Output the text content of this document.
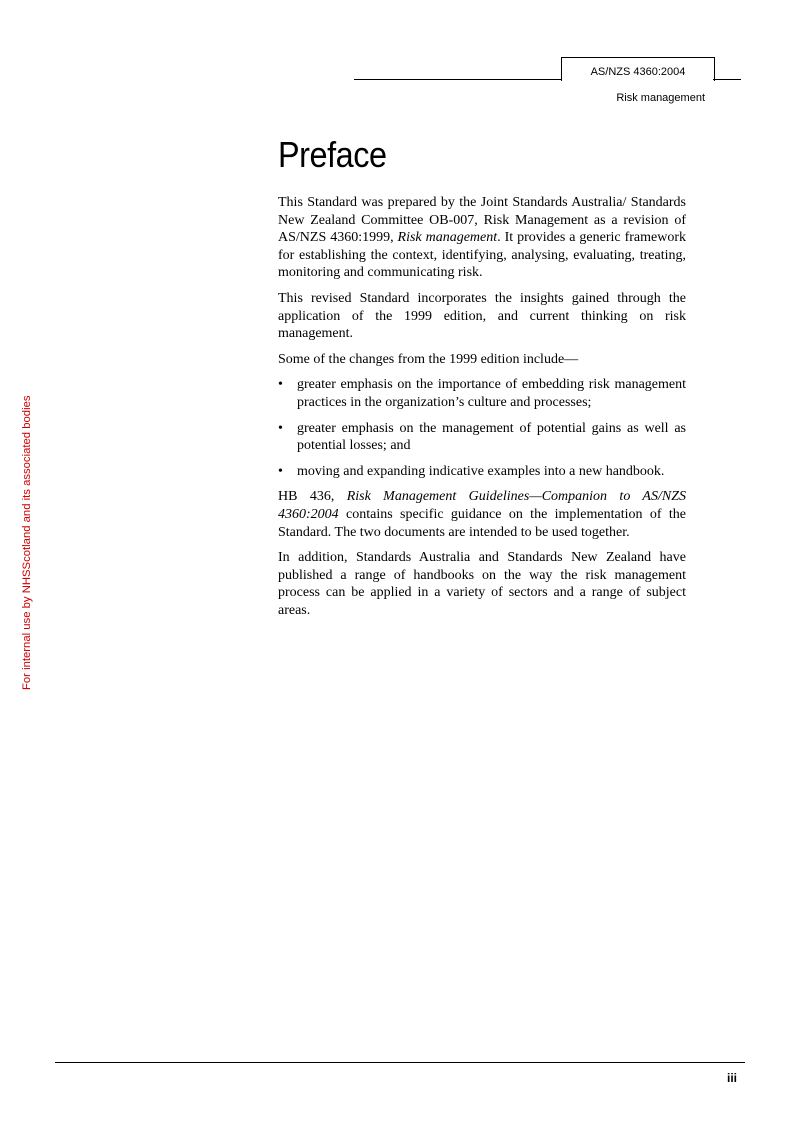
AS/NZS 4360:2004
Risk management
For internal use by NHSScotland and its associated bodies
Preface

This Standard was prepared by the Joint Standards Australia/ Standards New Zealand Committee OB-007, Risk Management as a revision of AS/NZS 4360:1999, Risk management. It provides a generic framework for establishing the context, identifying, analysing, evaluating, treating, monitoring and communicating risk.

This revised Standard incorporates the insights gained through the application of the 1999 edition, and current thinking on risk management.

Some of the changes from the 1999 edition include—

• greater emphasis on the importance of embedding risk management practices in the organization’s culture and processes;
• greater emphasis on the management of potential gains as well as potential losses; and
• moving and expanding indicative examples into a new handbook.

HB 436, Risk Management Guidelines—Companion to AS/NZS 4360:2004 contains specific guidance on the implementation of the Standard. The two documents are intended to be used together.

In addition, Standards Australia and Standards New Zealand have published a range of handbooks on the way the risk management process can be applied in a variety of sectors and a range of subject areas.

iii
